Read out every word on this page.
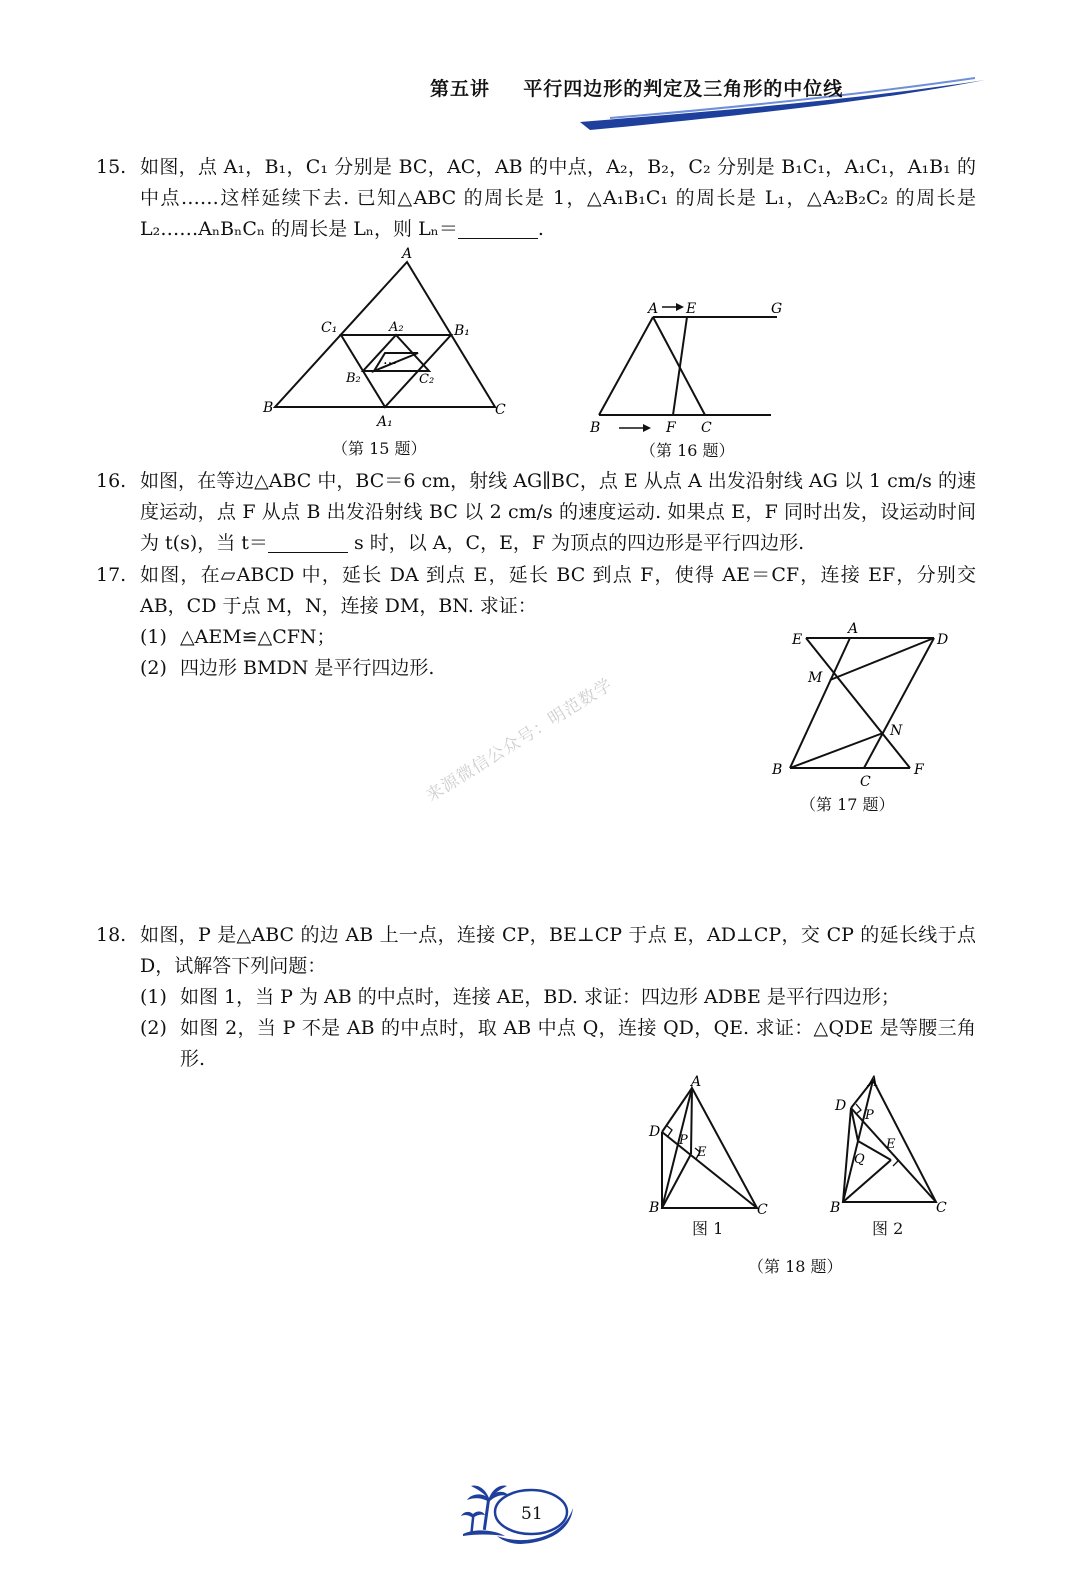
第五讲 平行四边形的判定及三角形的中位线
15. 如图，点 A₁，B₁，C₁ 分别是 BC，AC，AB 的中点，A₂，B₂，C₂ 分别是 B₁C₁，A₁C₁，A₁B₁ 的中点……这样延续下去. 已知△ABC 的周长是 1，△A₁B₁C₁ 的周长是 L₁，△A₂B₂C₂ 的周长是 L₂……AₙBₙCₙ 的周长是 Lₙ，则 Lₙ＝	.
A
B	C
C₁	B₁
A₁
A₂
B₂	C₂
…
（第 15 题）
A E	G
B	F C
（第 16 题）
16. 如图，在等边△ABC 中，BC＝6 cm，射线 AG∥BC，点 E 从点 A 出发沿射线 AG 以 1 cm/s 的速度运动，点 F 从点 B 出发沿射线 BC 以 2 cm/s 的速度运动. 如果点 E，F 同时出发，设运动时间为 t(s)，当 t＝	s 时，以 A，C，E，F 为顶点的四边形是平行四边形.
17. 如图，在▱ABCD 中，延长 DA 到点 E，延长 BC 到点 F，使得 AE＝CF，连接 EF，分别交 AB，CD 于点 M，N，连接 DM，BN. 求证：
(1) △AEM≌△CFN；
(2) 四边形 BMDN 是平行四边形.
E
A
D
M
N
B
C
F
（第 17 题）
来源微信公众号：明范数学
18. 如图，P 是△ABC 的边 AB 上一点，连接 CP，BE⊥CP 于点 E，AD⊥CP，交 CP 的延长线于点 D，试解答下列问题：
(1) 如图 1，当 P 为 AB 的中点时，连接 AE，BD. 求证：四边形 ADBE 是平行四边形；
(2) 如图 2，当 P 不是 AB 的中点时，取 AB 中点 Q，连接 QD，QE. 求证：△QDE 是等腰三角形.
A
D
P
E
B	C
图 1
A
D
P
E
Q
B	C
图 2
（第 18 题）
51
